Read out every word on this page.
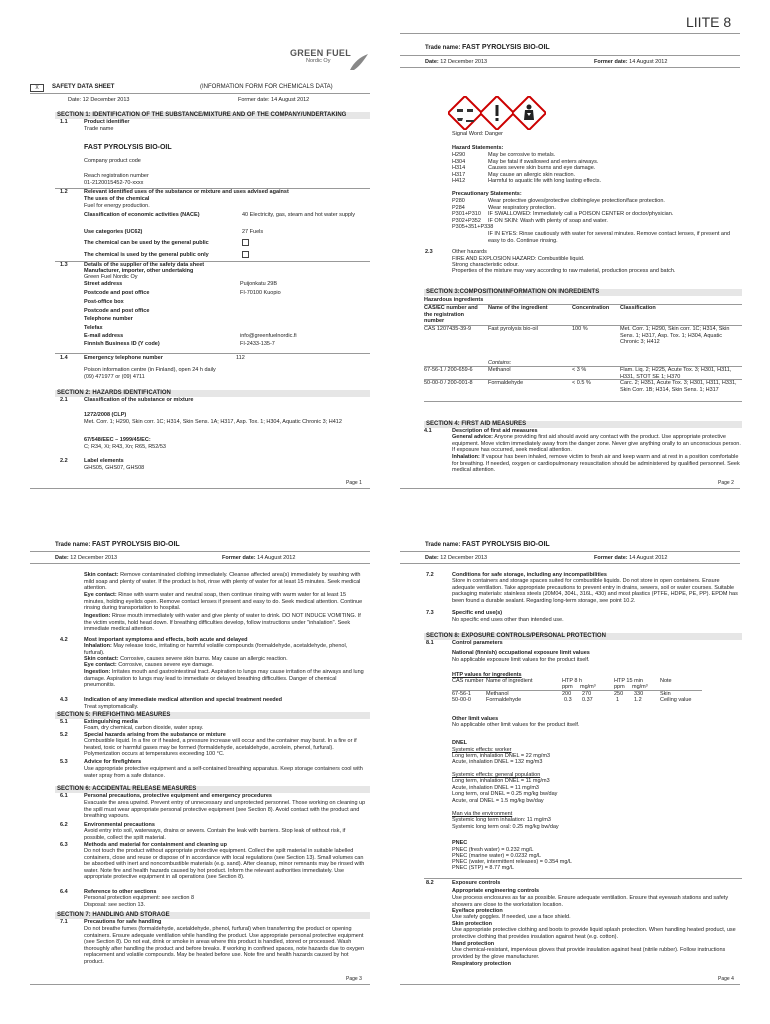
LIITE 8
GREEN FUEL
Nordic Oy
X	SAFETY DATA SHEET	(INFORMATION FORM FOR CHEMICALS DATA)
Date: 12 December 2013	Former date: 14 August 2012
SECTION 1: IDENTIFICATION OF THE SUBSTANCE/MIXTURE AND OF THE COMPANY/UNDERTAKING
1.1	Product identifier
Trade name
FAST PYROLYSIS BIO-OIL
Company product code
Reach registration number
01-2120015452-70-xxxx
1.2	Relevant identified uses of the substance or mixture and uses advised against
The uses of the chemical
Fuel for energy production.
Classification of economic activities (NACE)	40 Electricity, gas, steam and hot water supply
Use categories (UC62)	27 Fuels
The chemical can be used by the general public
The chemical is used by the general public only
1.3	Details of the supplier of the safety data sheet
Manufacturer, importer, other undertaking
Green Fuel Nordic Oy
Street address	Puijonkatu 29B
Postcode and post office	FI-70100 Kuopio
Post-office box
Postcode and post office
Telephone number
Telefax
E-mail address	info@greenfuelnordic.fi
Finnish Business ID (Y code)	FI-2433-135-7
1.4	Emergency telephone number	112
Poison information centre (in Finland), open 24 h daily
(09) 471977 or (09) 4711
SECTION 2: HAZARDS IDENTIFICATION
2.1	Classification of the substance or mixture
1272/2008 (CLP)
Met. Corr. 1; H290, Skin corr. 1C; H314, Skin Sens. 1A; H317, Asp. Tox. 1; H304, Aquatic Chronic 3; H412
67/548/EEC – 1999/45/EC:
C; R34, Xi; R43, Xn; R65, R52/53
2.2	Label elements
GHS05, GHS07, GHS08
Page 1
Trade name: FAST PYROLYSIS BIO-OIL
Date: 12 December 2013	Former date: 14 August 2012
Signal Word: Danger
Hazard Statements:
H290	May be corrosive to metals.
H304	May be fatal if swallowed and enters airways.
H314	Causes severe skin burns and eye damage.
H317	May cause an allergic skin reaction.
H412	Harmful to aquatic life with long lasting effects.
Precautionary Statements:
P280	Wear protective gloves/protective clothing/eye protection/face protection.
P284	Wear respiratory protection.
P301+P310	IF SWALLOWED: Immediately call a POISON CENTER or doctor/physician.
P302+P352	IF ON SKIN: Wash with plenty of soap and water.
P305+351+P338
IF IN EYES: Rinse cautiously with water for several minutes. Remove contact lenses, if present and easy to do. Continue rinsing.
2.3	Other hazards
FIRE AND EXPLOSION HAZARD: Combustible liquid.
Strong characteristic odour.
Properties of the mixture may vary according to raw material, production process and batch.
SECTION 3:COMPOSITION/INFORMATION ON INGREDIENTS
Hazardous ingredients
CAS/EC number and the registration number
Name of the ingredient	Concentration Classification
CAS 1207435-39-9	Fast pyrolysis bio-oil	100 %	Met. Corr. 1; H290, Skin corr. 1C; H314, Skin Sens. 1; H317, Asp. Tox. 1; H304, Aquatic Chronic 3; H412
Contains:
67-56-1 / 200-659-6	Methanol	< 3 %	Flam. Liq. 2; H225, Acute Tox. 3; H301, H311, H331, STOT SE 1; H370
50-00-0 / 200-001-8	Formaldehyde	< 0.5 %	Carc. 2; H351, Acute Tox. 3; H301, H311, H331, Skin Corr. 1B; H314, Skin Sens. 1; H317
SECTION 4: FIRST AID MEASURES
4.1	Description of first aid measures
General advice: Anyone providing first aid should avoid any contact with the product. Use appropriate protective equipment. Move victim immediately away from the danger zone. Never give anything orally to an unconscious person. If exposure has occurred, seek medical attention.
Inhalation: If vapour has been inhaled, remove victim to fresh air and keep warm and at rest in a position comfortable for breathing. If needed, oxygen or cardiopulmonary resuscitation should be administered by qualified personnel. Seek medical attention.
Page 2
Trade name: FAST PYROLYSIS BIO-OIL
Date: 12 December 2013	Former date: 14 August 2012
Skin contact: Remove contaminated clothing immediately. Cleanse affected area(s) immediately by washing with mild soap and plenty of water. If the product is hot, rinse with plenty of water for at least 15 minutes. Seek medical attention.
Eye contact: Rinse with warm water and neutral soap, then continue rinsing with warm water for at least 15 minutes, holding eyelids open. Remove contact lenses if present and easy to do. Seek medical attention. Continue rinsing during transportation to hospital.
Ingestion: Rinse mouth immediately with water and give plenty of water to drink. DO NOT INDUCE VOMITING. If the victim vomits, hold head down. If breathing difficulties develop, follow instructions under "inhalation". Seek immediate medical attention.
4.2	Most important symptoms and effects, both acute and delayed
Inhalation: May release toxic, irritating or harmful volatile compounds (formaldehyde, acetaldehyde, phenol, furfural).
Skin contact: Corrosive, causes severe skin burns. May cause an allergic reaction.
Eye contact: Corrosive, causes severe eye damage.
Ingestion: Irritates mouth and gastrointestinal tract. Aspiration to lungs may cause irritation of the airways and lung damage. Aspiration to lungs may lead to immediate or delayed breathing difficulties. Danger of chemical pneumonitis.
4.3	Indication of any immediate medical attention and special treatment needed
Treat symptomatically.
SECTION 5: FIREFIGHTING MEASURES
5.1	Extinguishing media
Foam, dry chemical, carbon dioxide, water spray.
5.2	Special hazards arising from the substance or mixture
Combustible liquid. In a fire or if heated, a pressure increase will occur and the container may burst. In a fire or if heated, toxic or harmful gases may be formed (formaldehyde, acetaldehyde, acrolein, phenol, furfural). Polymerization occurs at temperatures exceeding 100 °C.
5.3	Advice for firefighters
Use appropriate protective equipment and a self-contained breathing apparatus. Keep storage containers cool with water spray from a safe distance.
SECTION 6: ACCIDENTAL RELEASE MEASURES
6.1	Personal precautions, protective equipment and emergency procedures
Evacuate the area upwind. Prevent entry of unnecessary and unprotected personnel. Those working on cleaning up the spill must wear appropriate personal protective equipment (see Section 8). Avoid contact with the product and breathing vapours.
6.2	Environmental precautions
Avoid entry into soil, waterways, drains or sewers. Contain the leak with barriers. Stop leak of without risk, if possible, collect the spilt material.
6.3	Methods and material for containment and cleaning up
Do not touch the product without appropriate protective equipment. Collect the spilt material in suitable labelled containers, close and reuse or dispose of in accordance with local regulations (see Section 13). Small volumes can be absorbed with inert and noncombustible materials (e.g. sand). After cleanup, minor remnants may be rinsed with water. Note fire and health hazards caused by hot product. Inform the relevant authorities immediately. Use appropriate protective equipment in all operations (see Section 8).
6.4	Reference to other sections
Personal protection equipment: see section 8
Disposal: see section 13.
SECTION 7: HANDLING AND STORAGE
7.1	Precautions for safe handling
Do not breathe fumes (formaldehyde, acetaldehyde, phenol, furfural) when transferring the product or opening containers. Ensure adequate ventilation while handling the product. Use appropriate personal protective equipment (see Section 8). Do not eat, drink or smoke in areas where this product is handled, stored or processed. Wash thoroughly after handling the product and before breaks. If working in confined spaces, note hazards due to oxygen replacement and volatile compounds. May be heated before use. Note fire and health hazards caused by hot product.
Page 3
Trade name: FAST PYROLYSIS BIO-OIL
Date: 12 December 2013	Former date: 14 August 2012
7.2	Conditions for safe storage, including any incompatibilities
Store in containers and storage spaces suited for combustible liquids. Do not store in open containers. Ensure adequate ventilation. Take appropriate precautions to prevent entry in drains, sewers, soil or water courses. Suitable packaging materials: stainless steels (20M04, 304L, 316L, 430) and most plastics (PTFE, HDPE, PE, PP). EPDM has been found a durable sealant. Regarding long-term storage, see point 10.2.
7.3	Specific end use(s)
No specific end uses other than intended use.
SECTION 8: EXPOSURE CONTROLS/PERSONAL PROTECTION
8.1	Control parameters
National (finnish) occupational exposure limit values
No applicable exposure limit values for the product itself.
HTP values for ingredients
CAS number Name of ingredient	HTP 8 h	HTP 15 min	Note
ppm mg/m³	ppm mg/m³
67-56-1	Methanol	200 270	250 330	Skin
50-00-0	Formaldehyde	0.3 0.37	1	1.2	Ceiling value
Other limit values
No applicable other limit values for the product itself.
DNEL
Systemic effects: worker
Long term, inhalation DNEL = 22 mg/m3
Acute, inhalation DNEL = 132 mg/m3
Systemic effects: general population
Long term, inhalation DNEL = 11 mg/m3
Acute, inhalation DNEL = 11 mg/m3
Long term, oral DNEL = 0.25 mg/kg bw/day
Acute, oral DNEL = 1.5 mg/kg bw/day
Man via the environment
Systemic long term inhalation: 11 mg/m3
Systemic long term oral: 0.25 mg/kg bw/day
PNEC
PNEC (fresh water) = 0.232 mg/L
PNEC (marine water) = 0.0232 mg/L
PNEC (water, intermittent releases) = 0.354 mg/L
PNEC (STP) = 8.77 mg/L
8.2	Exposure controls
Appropriate engineering controls
Use process enclosures as far as possible. Ensure adequate ventilation. Ensure that eyewash stations and safety showers are close to the workstation location.
Eye/face protection
Use safety goggles. If needed, use a face shield.
Skin protection
Use appropriate protective clothing and boots to provide liquid splash protection. When handling heated product, use protective clothing that provides insulation against heat (e.g. cotton).
Hand protection
Use chemical-resistant, impervious gloves that provide insulation against heat (nitrile rubber). Follow instructions provided by the glove manufacturer.
Respiratory protection
Page 4
